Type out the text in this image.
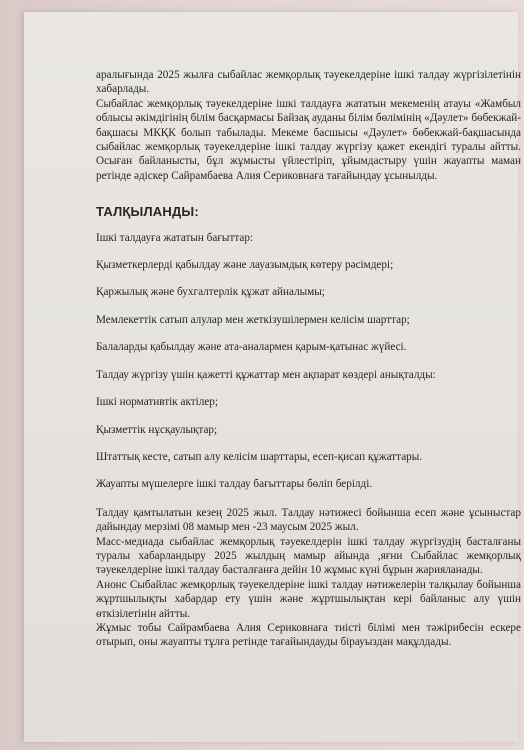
аралығында 2025 жылға сыбайлас жемқорлық тәуекелдеріне ішкі талдау жүргізілетінін хабарлады.

Сыбайлас жемқорлық тәуекелдеріне ішкі талдауға жататын мекеменің атауы «Жамбыл облысы әкімдігінің білім басқармасы Байзақ ауданы білім бөлімінің «Дәулет» бөбекжай-бақшасы МКҚК болып табылады. Мекеме басшысы «Дәулет» бөбекжай-бақшасында сыбайлас жемқорлық тәуекелдеріне ішкі талдау жүргізу қажет екендігі туралы айтты. Осыған байланысты, бұл жұмысты үйлестіріп, ұйымдастыру үшін жауапты маман ретінде әдіскер Сайрамбаева Алия Сериковнаға тағайындау ұсынылды.

ТАЛҚЫЛАНДЫ:

Ішкі талдауға жататын бағыттар:

Қызметкерлерді қабылдау және лауазымдық көтеру рәсімдері;

Қаржылық және бухгалтерлік құжат айналымы;

Мемлекеттік сатып алулар мен жеткізушілермен келісім шарттар;

Балаларды қабылдау және ата-аналармен қарым-қатынас жүйесі.

Талдау жүргізу үшін қажетті құжаттар мен ақпарат көздері анықталды:

Ішкі нормативтік актілер;

Қызметтік нұсқаулықтар;

Штаттық кесте, сатып алу келісім шарттары, есеп-қисап құжаттары.

Жауапты мүшелерге ішкі талдау бағыттары бөліп берілді.

Талдау қамтылатын кезең 2025 жыл. Талдау нәтижесі бойынша есеп және ұсыныстар дайындау мерзімі 08 мамыр мен -23 маусым 2025 жыл.

Масс-медиада сыбайлас жемқорлық тәуекелдерін ішкі талдау жүргізудің басталғаны туралы хабарландыру 2025 жылдың мамыр айында ,яғни Сыбайлас жемқорлық тәуекелдеріне ішкі талдау басталғанға дейін 10 жұмыс күні бұрын жарияланады.

Анонс Сыбайлас жемқорлық тәуекелдеріне ішкі талдау нәтижелерін талқылау бойынша жұртшылықты хабардар ету үшін және жұртшылықтан кері байланыс алу үшін өткізілетінін айтты.

Жұмыс тобы Сайрамбаева Алия Сериковнаға тиісті білімі мен тәжірибесін ескере отырып, оны жауапты тұлға ретінде тағайындауды бірауыздан мақұлдады.
